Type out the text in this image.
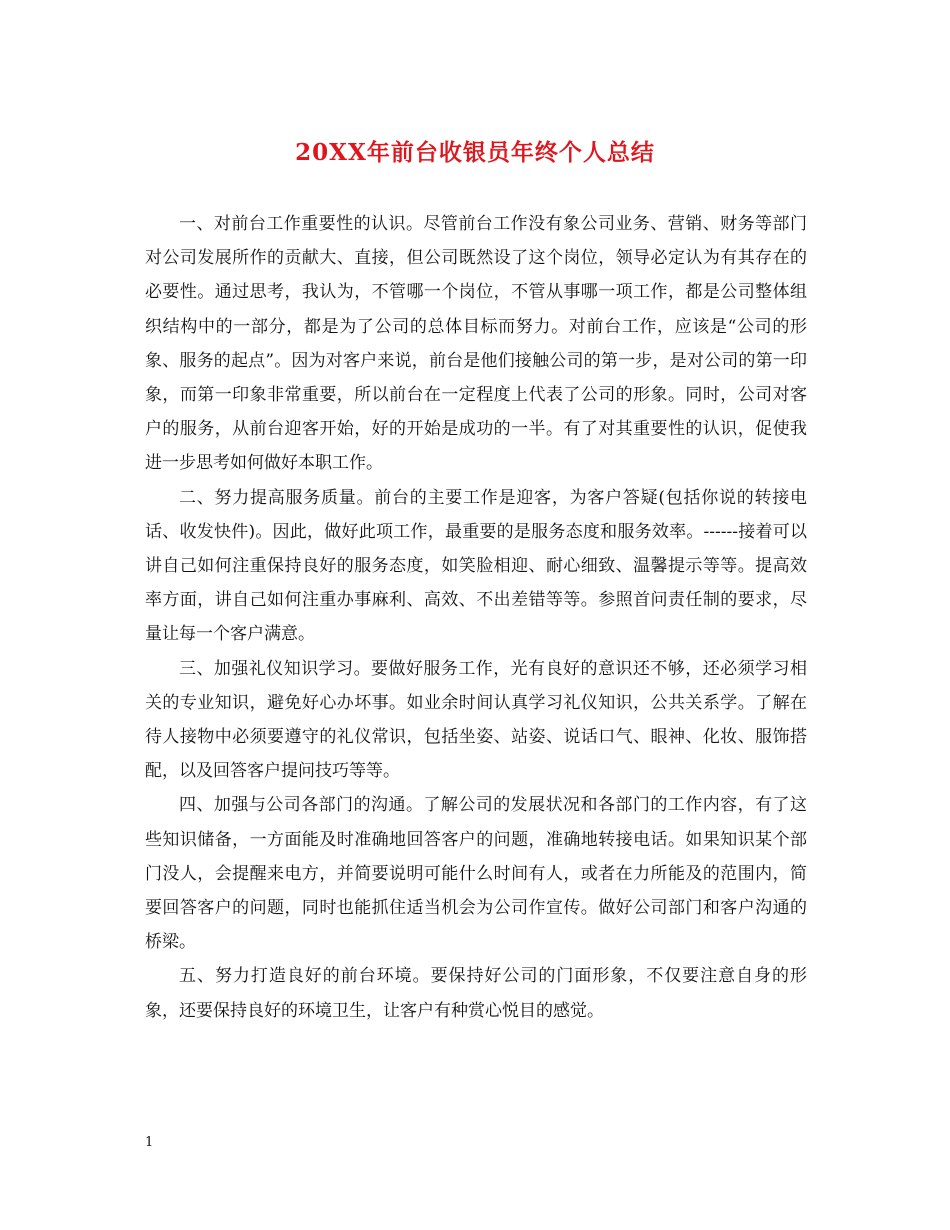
20XX年前台收银员年终个人总结

一、对前台工作重要性的认识。尽管前台工作没有象公司业务、营销、财务等部门对公司发展所作的贡献大、直接，但公司既然设了这个岗位，领导必定认为有其存在的必要性。通过思考，我认为，不管哪一个岗位，不管从事哪一项工作，都是公司整体组织结构中的一部分，都是为了公司的总体目标而努力。对前台工作，应该是“公司的形象、服务的起点”。因为对客户来说，前台是他们接触公司的第一步，是对公司的第一印象，而第一印象非常重要，所以前台在一定程度上代表了公司的形象。同时，公司对客户的服务，从前台迎客开始，好的开始是成功的一半。有了对其重要性的认识，促使我进一步思考如何做好本职工作。

二、努力提高服务质量。前台的主要工作是迎客，为客户答疑(包括你说的转接电话、收发快件)。因此，做好此项工作，最重要的是服务态度和服务效率。------接着可以讲自己如何注重保持良好的服务态度，如笑脸相迎、耐心细致、温馨提示等等。提高效率方面，讲自己如何注重办事麻利、高效、不出差错等等。参照首问责任制的要求，尽量让每一个客户满意。

三、加强礼仪知识学习。要做好服务工作，光有良好的意识还不够，还必须学习相关的专业知识，避免好心办坏事。如业余时间认真学习礼仪知识，公共关系学。了解在待人接物中必须要遵守的礼仪常识，包括坐姿、站姿、说话口气、眼神、化妆、服饰搭配，以及回答客户提问技巧等等。

四、加强与公司各部门的沟通。了解公司的发展状况和各部门的工作内容，有了这些知识储备，一方面能及时准确地回答客户的问题，准确地转接电话。如果知识某个部门没人，会提醒来电方，并简要说明可能什么时间有人，或者在力所能及的范围内，简要回答客户的问题，同时也能抓住适当机会为公司作宣传。做好公司部门和客户沟通的桥梁。

五、努力打造良好的前台环境。要保持好公司的门面形象，不仅要注意自身的形象，还要保持良好的环境卫生，让客户有种赏心悦目的感觉。

1
